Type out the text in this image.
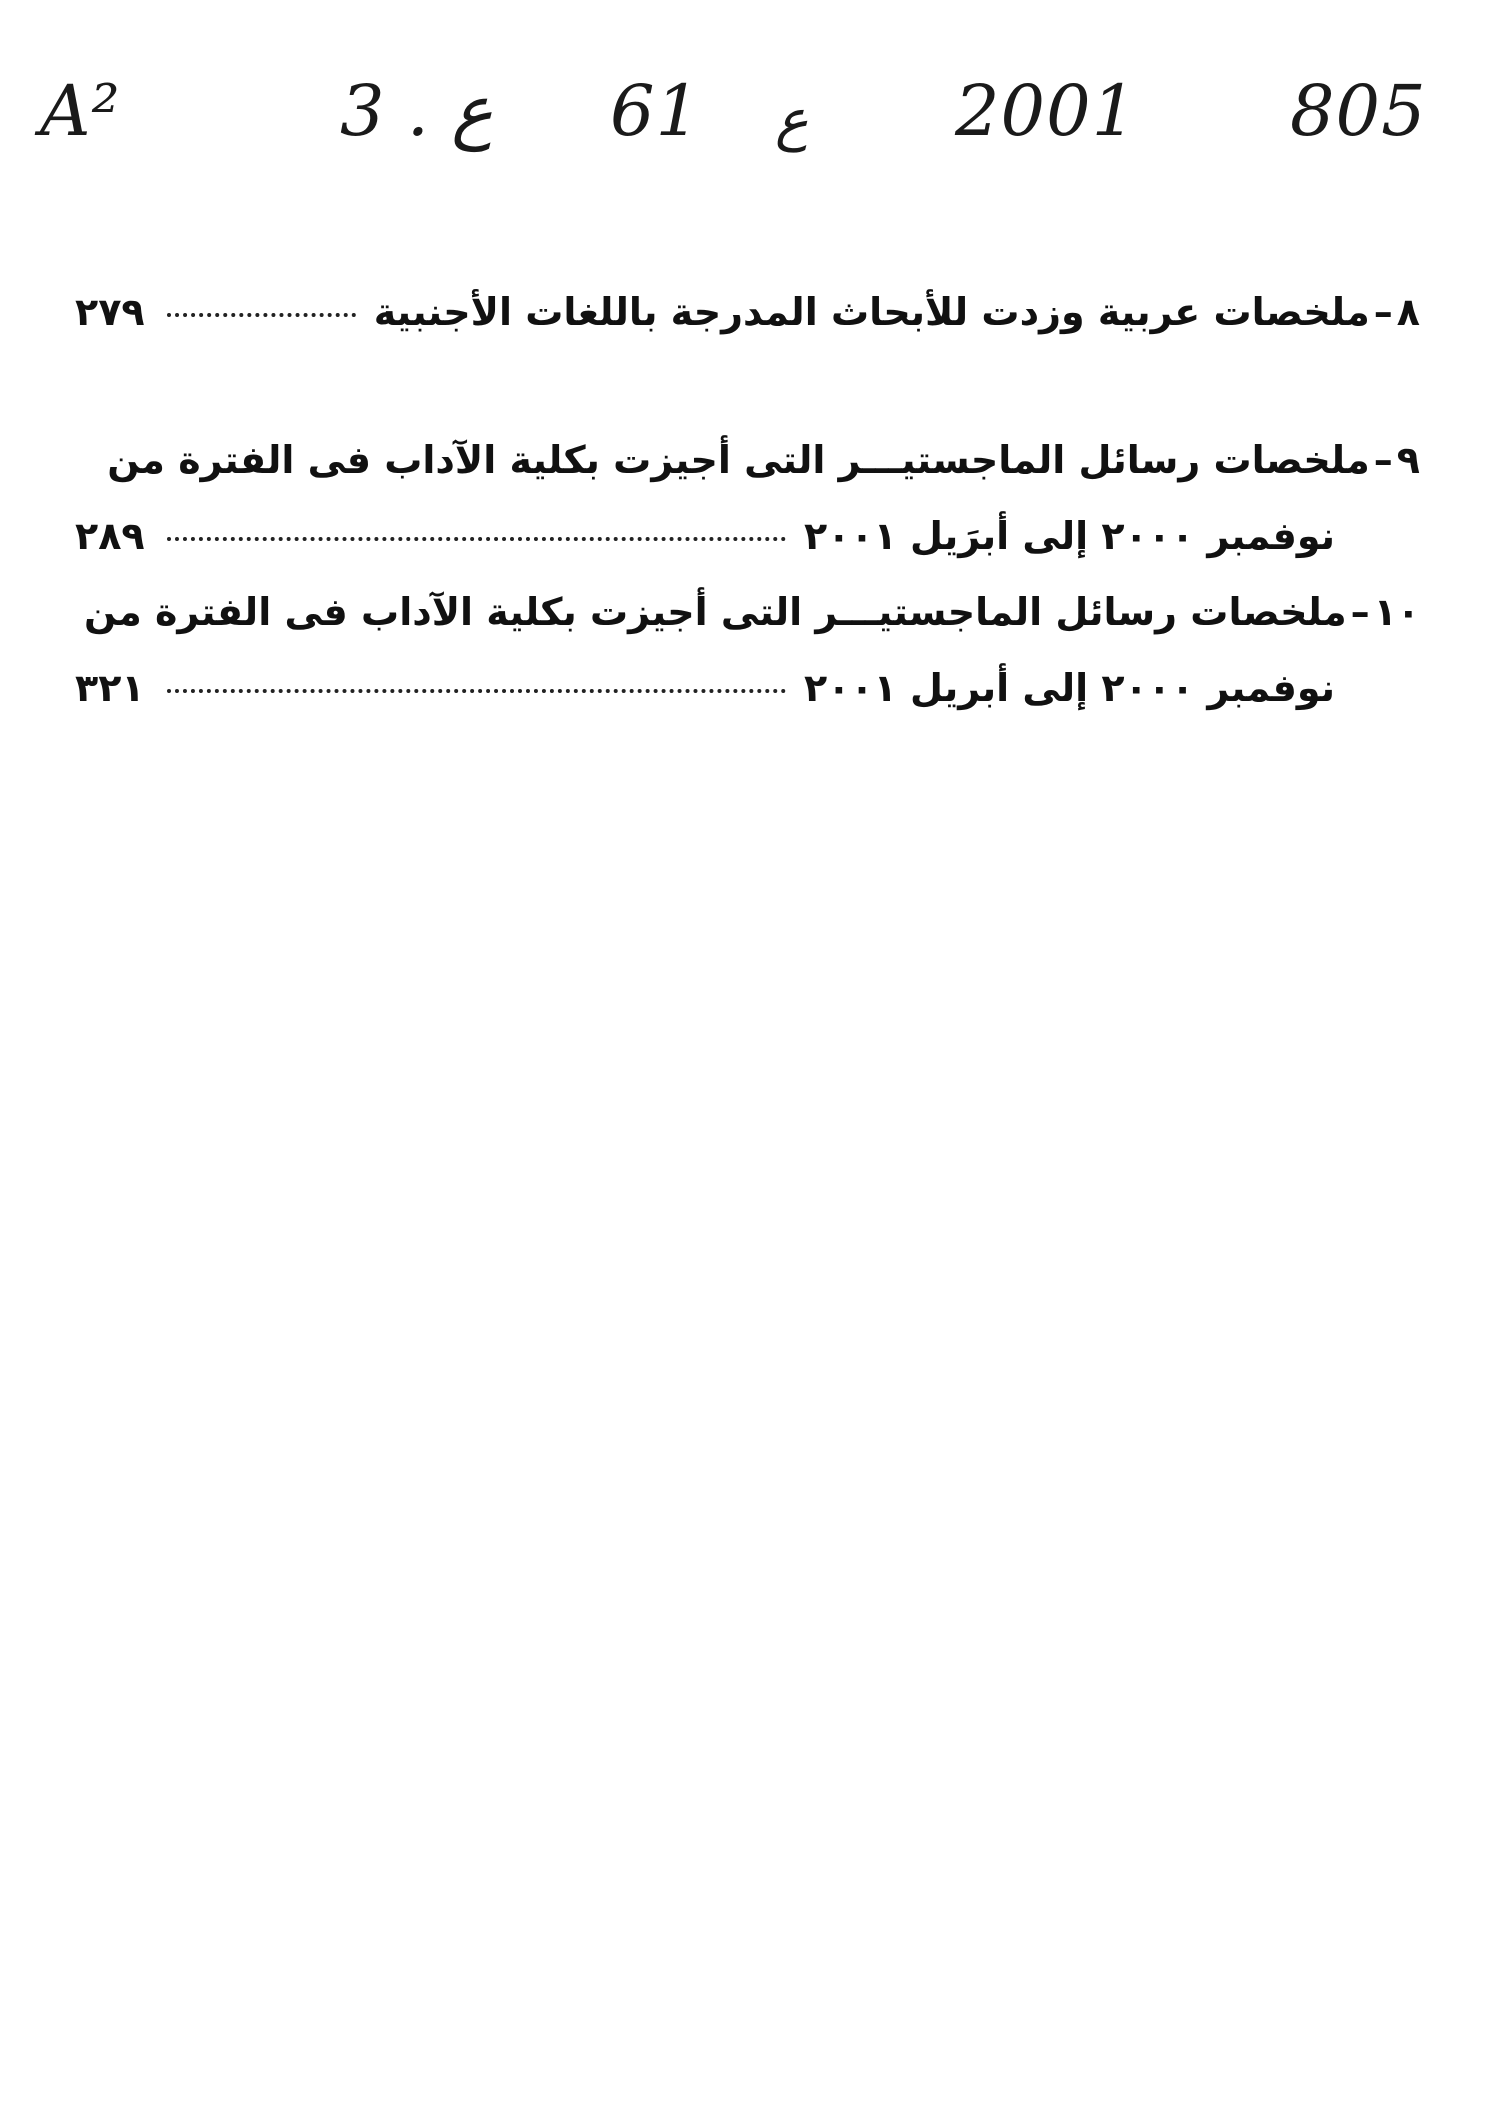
A²	3 . ع 61 ع 2001 805
٨
–
ملخصات عربية وزدت للأبحاث المدرجة باللغات الأجنبية
٢٧٩
٩
–
ملخصات رسائل الماجستيـــر التى أجيزت بكلية الآداب فى الفترة من
نوفمبر ٢٠٠٠ إلى أبرَيل ٢٠٠١
٢٨٩
١٠
–
ملخصات رسائل الماجستيـــر التى أجيزت بكلية الآداب فى الفترة من
نوفمبر ٢٠٠٠ إلى أبريل ٢٠٠١
٣٢١
